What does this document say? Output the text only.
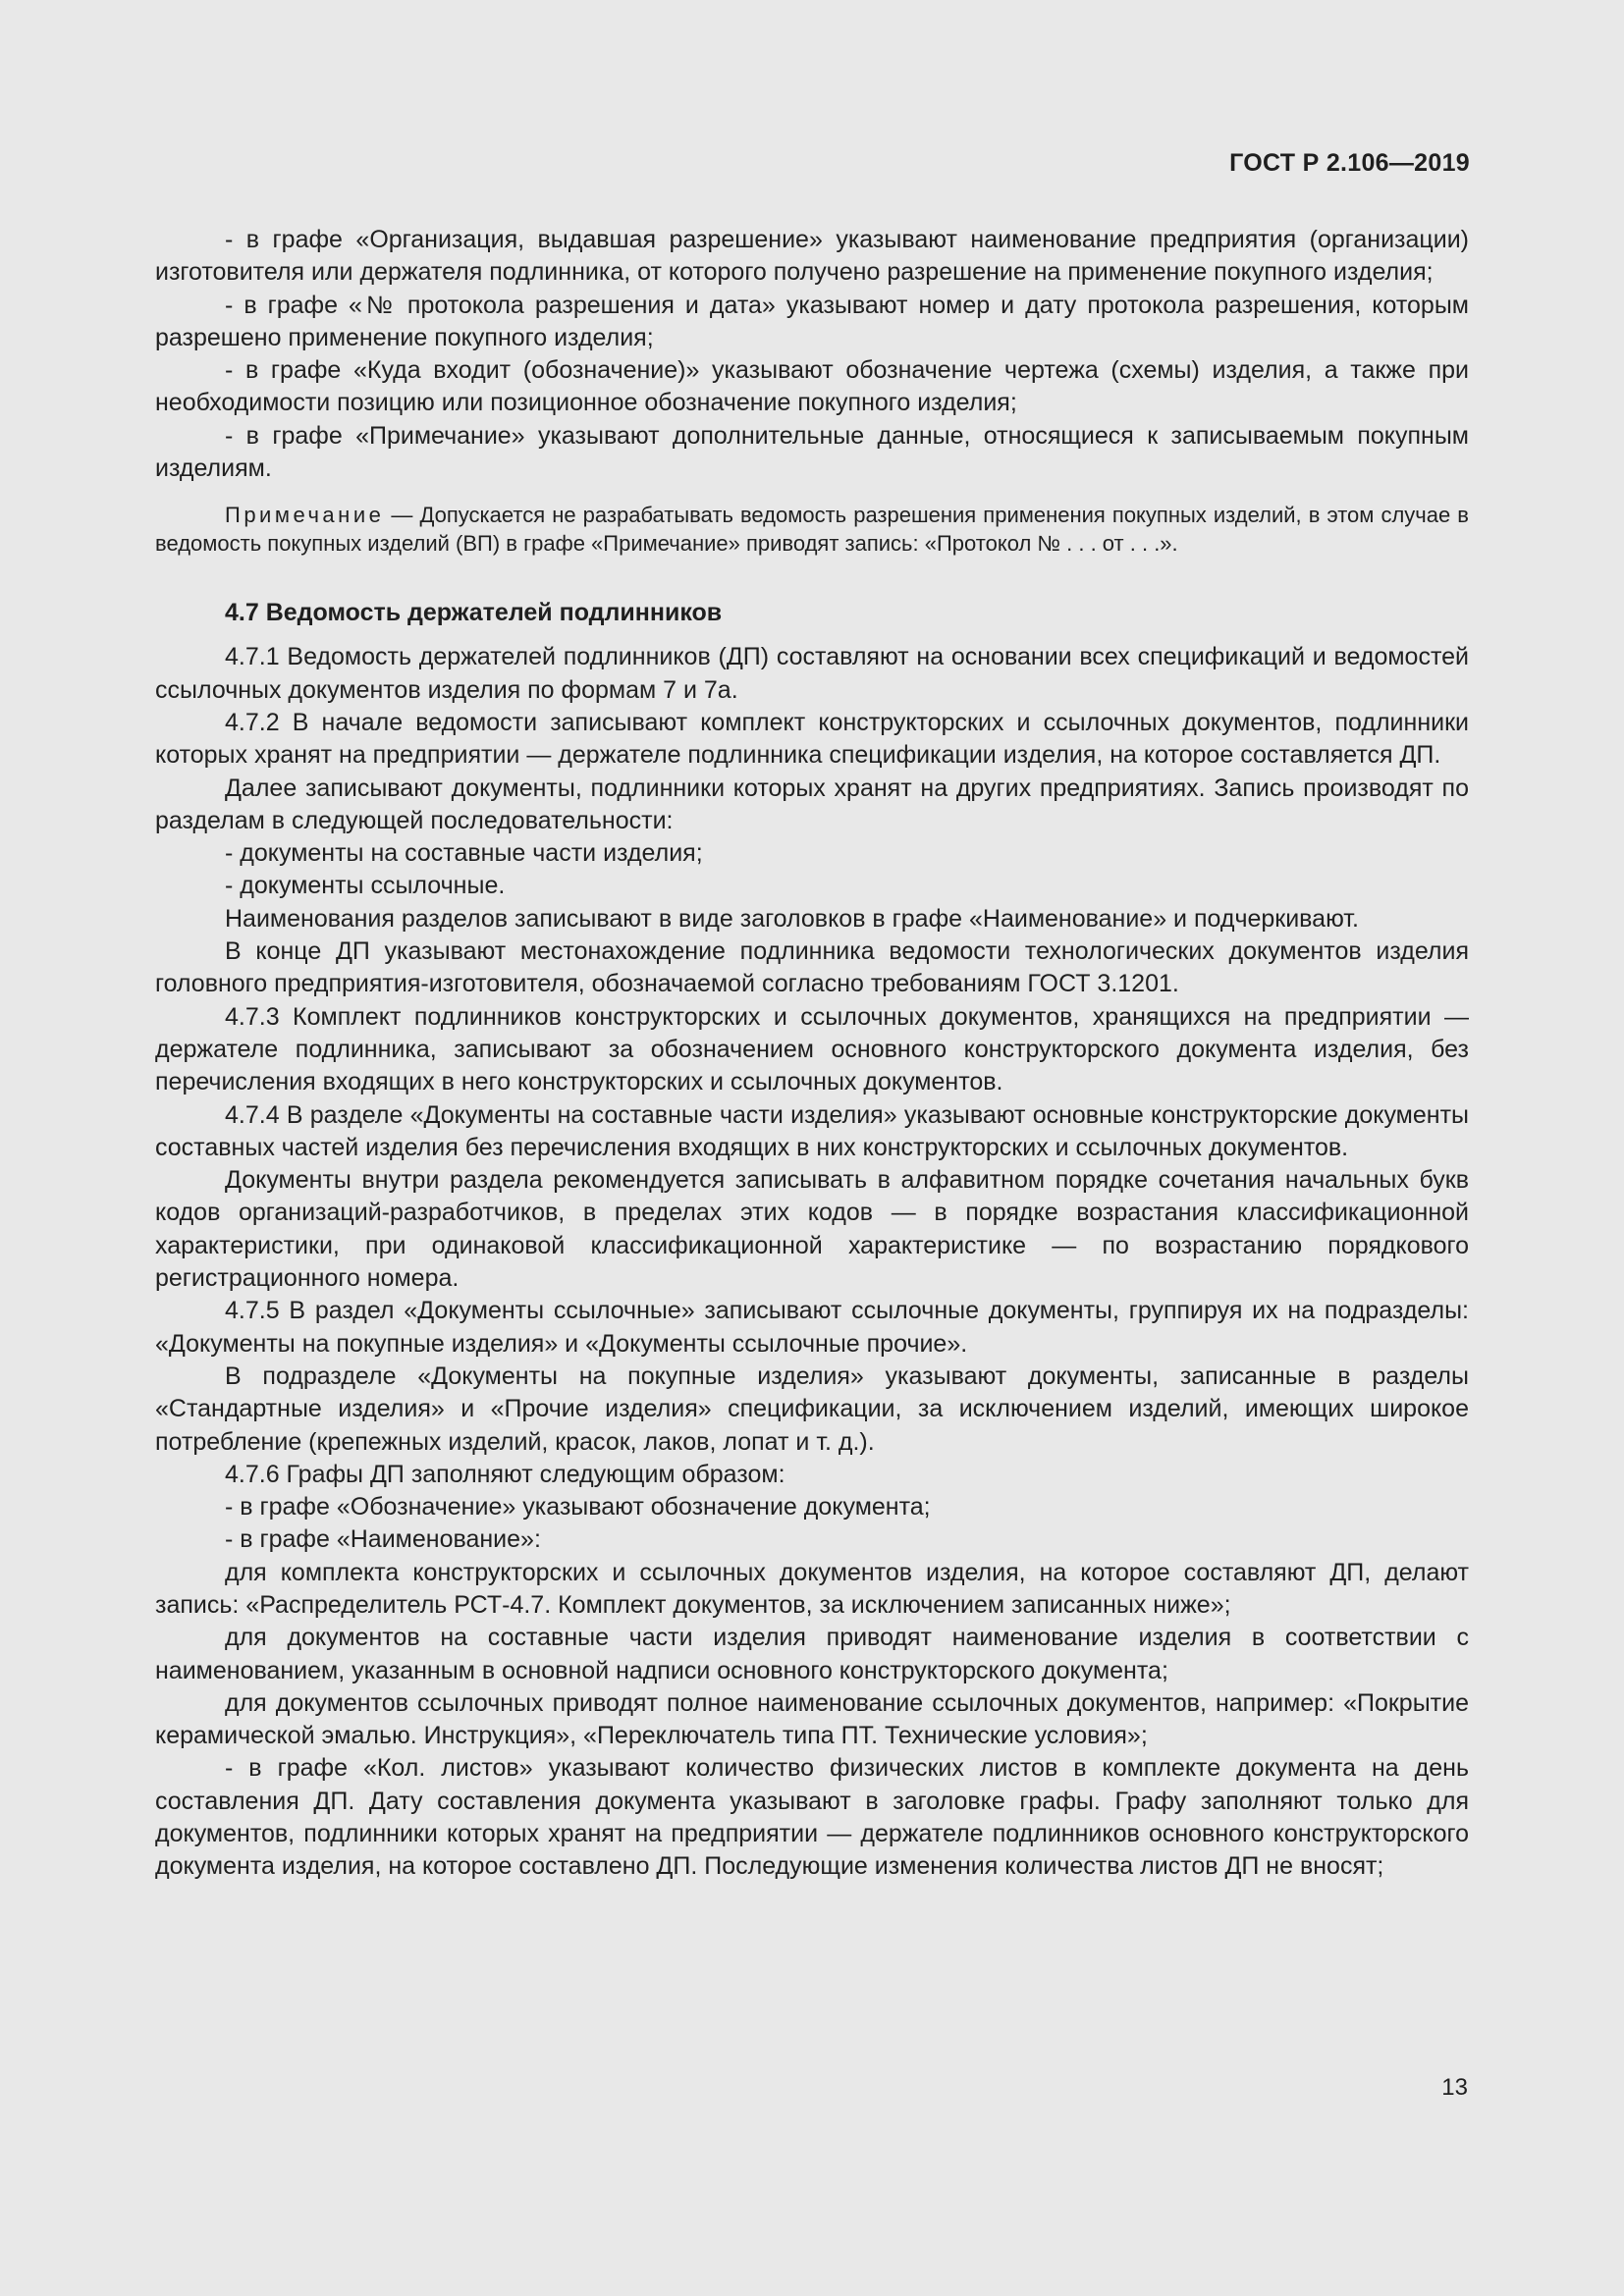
ГОСТ Р 2.106—2019

- в графе «Организация, выдавшая разрешение» указывают наименование предприятия (организации) изготовителя или держателя подлинника, от которого получено разрешение на применение покупного изделия;

- в графе «№ протокола разрешения и дата» указывают номер и дату протокола разрешения, которым разрешено применение покупного изделия;

- в графе «Куда входит (обозначение)» указывают обозначение чертежа (схемы) изделия, а также при необходимости позицию или позиционное обозначение покупного изделия;

- в графе «Примечание» указывают дополнительные данные, относящиеся к записываемым покупным изделиям.

Примечание — Допускается не разрабатывать ведомость разрешения применения покупных изделий, в этом случае в ведомость покупных изделий (ВП) в графе «Примечание» приводят запись: «Протокол № . . . от . . .».

4.7 Ведомость держателей подлинников

4.7.1 Ведомость держателей подлинников (ДП) составляют на основании всех спецификаций и ведомостей ссылочных документов изделия по формам 7 и 7а.

4.7.2 В начале ведомости записывают комплект конструкторских и ссылочных документов, подлинники которых хранят на предприятии — держателе подлинника спецификации изделия, на которое составляется ДП.

Далее записывают документы, подлинники которых хранят на других предприятиях. Запись производят по разделам в следующей последовательности:

- документы на составные части изделия;

- документы ссылочные.

Наименования разделов записывают в виде заголовков в графе «Наименование» и подчеркивают.

В конце ДП указывают местонахождение подлинника ведомости технологических документов изделия головного предприятия-изготовителя, обозначаемой согласно требованиям ГОСТ 3.1201.

4.7.3 Комплект подлинников конструкторских и ссылочных документов, хранящихся на предприятии — держателе подлинника, записывают за обозначением основного конструкторского документа изделия, без перечисления входящих в него конструкторских и ссылочных документов.

4.7.4 В разделе «Документы на составные части изделия» указывают основные конструкторские документы составных частей изделия без перечисления входящих в них конструкторских и ссылочных документов.

Документы внутри раздела рекомендуется записывать в алфавитном порядке сочетания начальных букв кодов организаций-разработчиков, в пределах этих кодов — в порядке возрастания классификационной характеристики, при одинаковой классификационной характеристике — по возрастанию порядкового регистрационного номера.

4.7.5 В раздел «Документы ссылочные» записывают ссылочные документы, группируя их на подразделы: «Документы на покупные изделия» и «Документы ссылочные прочие».

В подразделе «Документы на покупные изделия» указывают документы, записанные в разделы «Стандартные изделия» и «Прочие изделия» спецификации, за исключением изделий, имеющих широкое потребление (крепежных изделий, красок, лаков, лопат и т. д.).

4.7.6 Графы ДП заполняют следующим образом:

- в графе «Обозначение» указывают обозначение документа;

- в графе «Наименование»:

для комплекта конструкторских и ссылочных документов изделия, на которое составляют ДП, делают запись: «Распределитель РСТ-4.7. Комплект документов, за исключением записанных ниже»;

для документов на составные части изделия приводят наименование изделия в соответствии с наименованием, указанным в основной надписи основного конструкторского документа;

для документов ссылочных приводят полное наименование ссылочных документов, например: «Покрытие керамической эмалью. Инструкция», «Переключатель типа ПТ. Технические условия»;

- в графе «Кол. листов» указывают количество физических листов в комплекте документа на день составления ДП. Дату составления документа указывают в заголовке графы. Графу заполняют только для документов, подлинники которых хранят на предприятии — держателе подлинников основного конструкторского документа изделия, на которое составлено ДП. Последующие изменения количества листов ДП не вносят;

13
